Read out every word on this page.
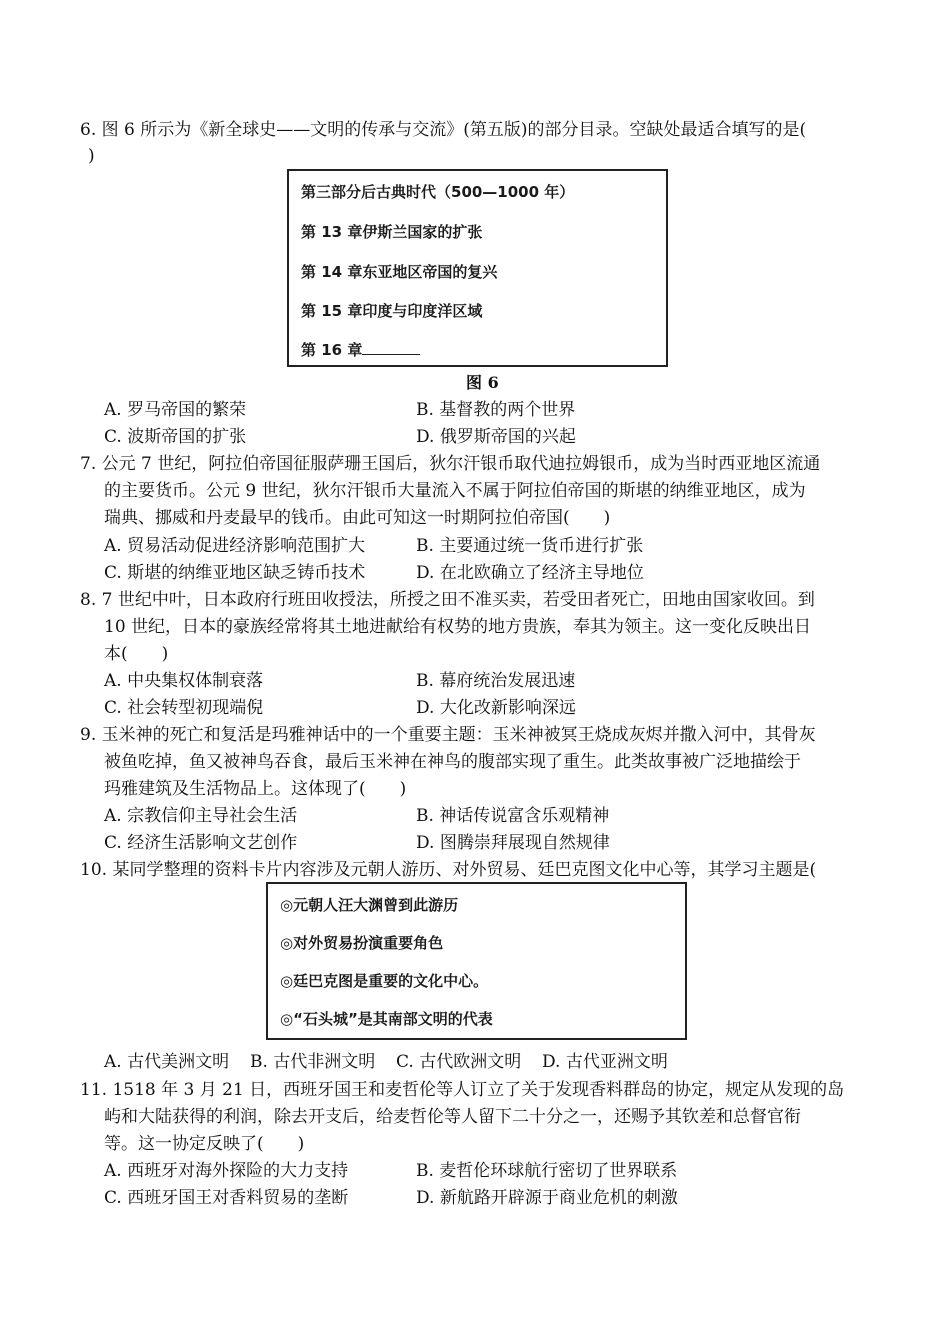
6. 图 6 所示为《新全球史——文明的传承与交流》(第五版)的部分目录。空缺处最适合填写的是(
)
第三部分后古典时代（500—1000 年）
第 13 章伊斯兰国家的扩张
第 14 章东亚地区帝国的复兴
第 15 章印度与印度洋区域
第 16 章
图 6
A. 罗马帝国的繁荣	B. 基督教的两个世界
C. 波斯帝国的扩张	D. 俄罗斯帝国的兴起
7. 公元 7 世纪，阿拉伯帝国征服萨珊王国后，狄尔汗银币取代迪拉姆银币，成为当时西亚地区流通
的主要货币。公元 9 世纪，狄尔汗银币大量流入不属于阿拉伯帝国的斯堪的纳维亚地区，成为
瑞典、挪威和丹麦最早的钱币。由此可知这一时期阿拉伯帝国(　　)
A. 贸易活动促进经济影响范围扩大	B. 主要通过统一货币进行扩张
C. 斯堪的纳维亚地区缺乏铸币技术	D. 在北欧确立了经济主导地位
8. 7 世纪中叶，日本政府行班田收授法，所授之田不准买卖，若受田者死亡，田地由国家收回。到
10 世纪，日本的豪族经常将其土地进献给有权势的地方贵族，奉其为领主。这一变化反映出日
本(　　)
A. 中央集权体制衰落	B. 幕府统治发展迅速
C. 社会转型初现端倪	D. 大化改新影响深远
9. 玉米神的死亡和复活是玛雅神话中的一个重要主题：玉米神被冥王烧成灰烬并撒入河中，其骨灰
被鱼吃掉，鱼又被神鸟吞食，最后玉米神在神鸟的腹部实现了重生。此类故事被广泛地描绘于
玛雅建筑及生活物品上。这体现了(　　)
A. 宗教信仰主导社会生活	B. 神话传说富含乐观精神
C. 经济生活影响文艺创作	D. 图腾崇拜展现自然规律
10. 某同学整理的资料卡片内容涉及元朝人游历、对外贸易、廷巴克图文化中心等，其学习主题是(
◎元朝人汪大渊曾到此游历
◎对外贸易扮演重要角色
◎廷巴克图是重要的文化中心。
◎“石头城”是其南部文明的代表
A. 古代美洲文明 B. 古代非洲文明 C. 古代欧洲文明 D. 古代亚洲文明
11. 1518 年 3 月 21 日，西班牙国王和麦哲伦等人订立了关于发现香料群岛的协定，规定从发现的岛
屿和大陆获得的利润，除去开支后，给麦哲伦等人留下二十分之一，还赐予其钦差和总督官衔
等。这一协定反映了(　　)
A. 西班牙对海外探险的大力支持	B. 麦哲伦环球航行密切了世界联系
C. 西班牙国王对香料贸易的垄断	D. 新航路开辟源于商业危机的刺激
